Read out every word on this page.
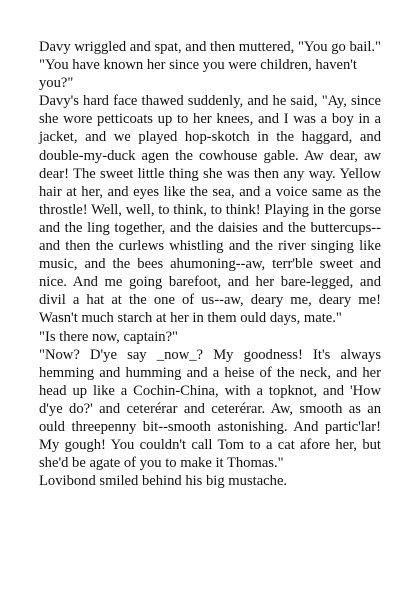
Davy wriggled and spat, and then muttered, "You go bail."

"You have known her since you were children, haven't you?"

Davy's hard face thawed suddenly, and he said, "Ay, since she wore petticoats up to her knees, and I was a boy in a jacket, and we played hop-skotch in the haggard, and double-my-duck agen the cowhouse gable. Aw dear, aw dear! The sweet little thing she was then any way. Yellow hair at her, and eyes like the sea, and a voice same as the throstle! Well, well, to think, to think! Playing in the gorse and the ling together, and the daisies and the buttercups--and then the curlews whistling and the river singing like music, and the bees ahumoning--aw, terr'ble sweet and nice. And me going barefoot, and her bare-legged, and divil a hat at the one of us--aw, deary me, deary me! Wasn't much starch at her in them ould days, mate."

"Is there now, captain?"

"Now? D'ye say _now_? My goodness! It's always hemming and humming and a heise of the neck, and her head up like a Cochin-China, with a topknot, and 'How d'ye do?' and ceterérar and ceterérar. Aw, smooth as an ould threepenny bit--smooth astonishing. And partic'lar! My gough! You couldn't call Tom to a cat afore her, but she'd be agate of you to make it Thomas."

Lovibond smiled behind his big mustache.
